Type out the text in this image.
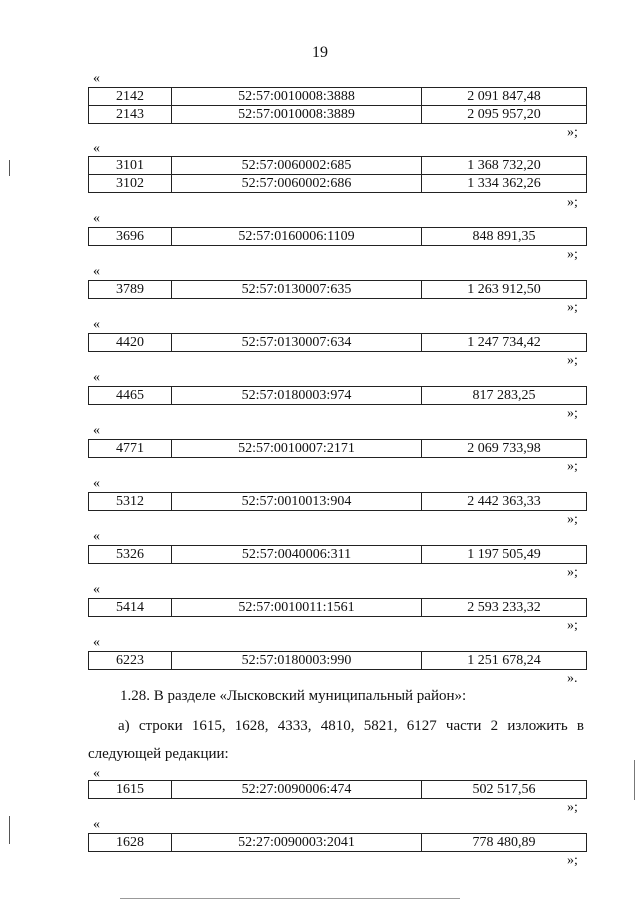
19
«
2142	52:57:0010008:3888	2 091 847,48
2143	52:57:0010008:3889	2 095 957,20
»;
«
3101	52:57:0060002:685	1 368 732,20
3102	52:57:0060002:686	1 334 362,26
»;
«
3696	52:57:0160006:1109	848 891,35
»;
«
3789	52:57:0130007:635	1 263 912,50
»;
«
4420	52:57:0130007:634	1 247 734,42
»;
«
4465	52:57:0180003:974	817 283,25
»;
«
4771	52:57:0010007:2171	2 069 733,98
»;
«
5312	52:57:0010013:904	2 442 363,33
»;
«
5326	52:57:0040006:311	1 197 505,49
»;
«
5414	52:57:0010011:1561	2 593 233,32
»;
«
6223	52:57:0180003:990	1 251 678,24
».
1.28. В разделе «Лысковский муниципальный район»:
а) строки 1615, 1628, 4333, 4810, 5821, 6127 части 2 изложить в
следующей редакции:
«
1615	52:27:0090006:474	502 517,56
»;
«
1628	52:27:0090003:2041	778 480,89
»;
